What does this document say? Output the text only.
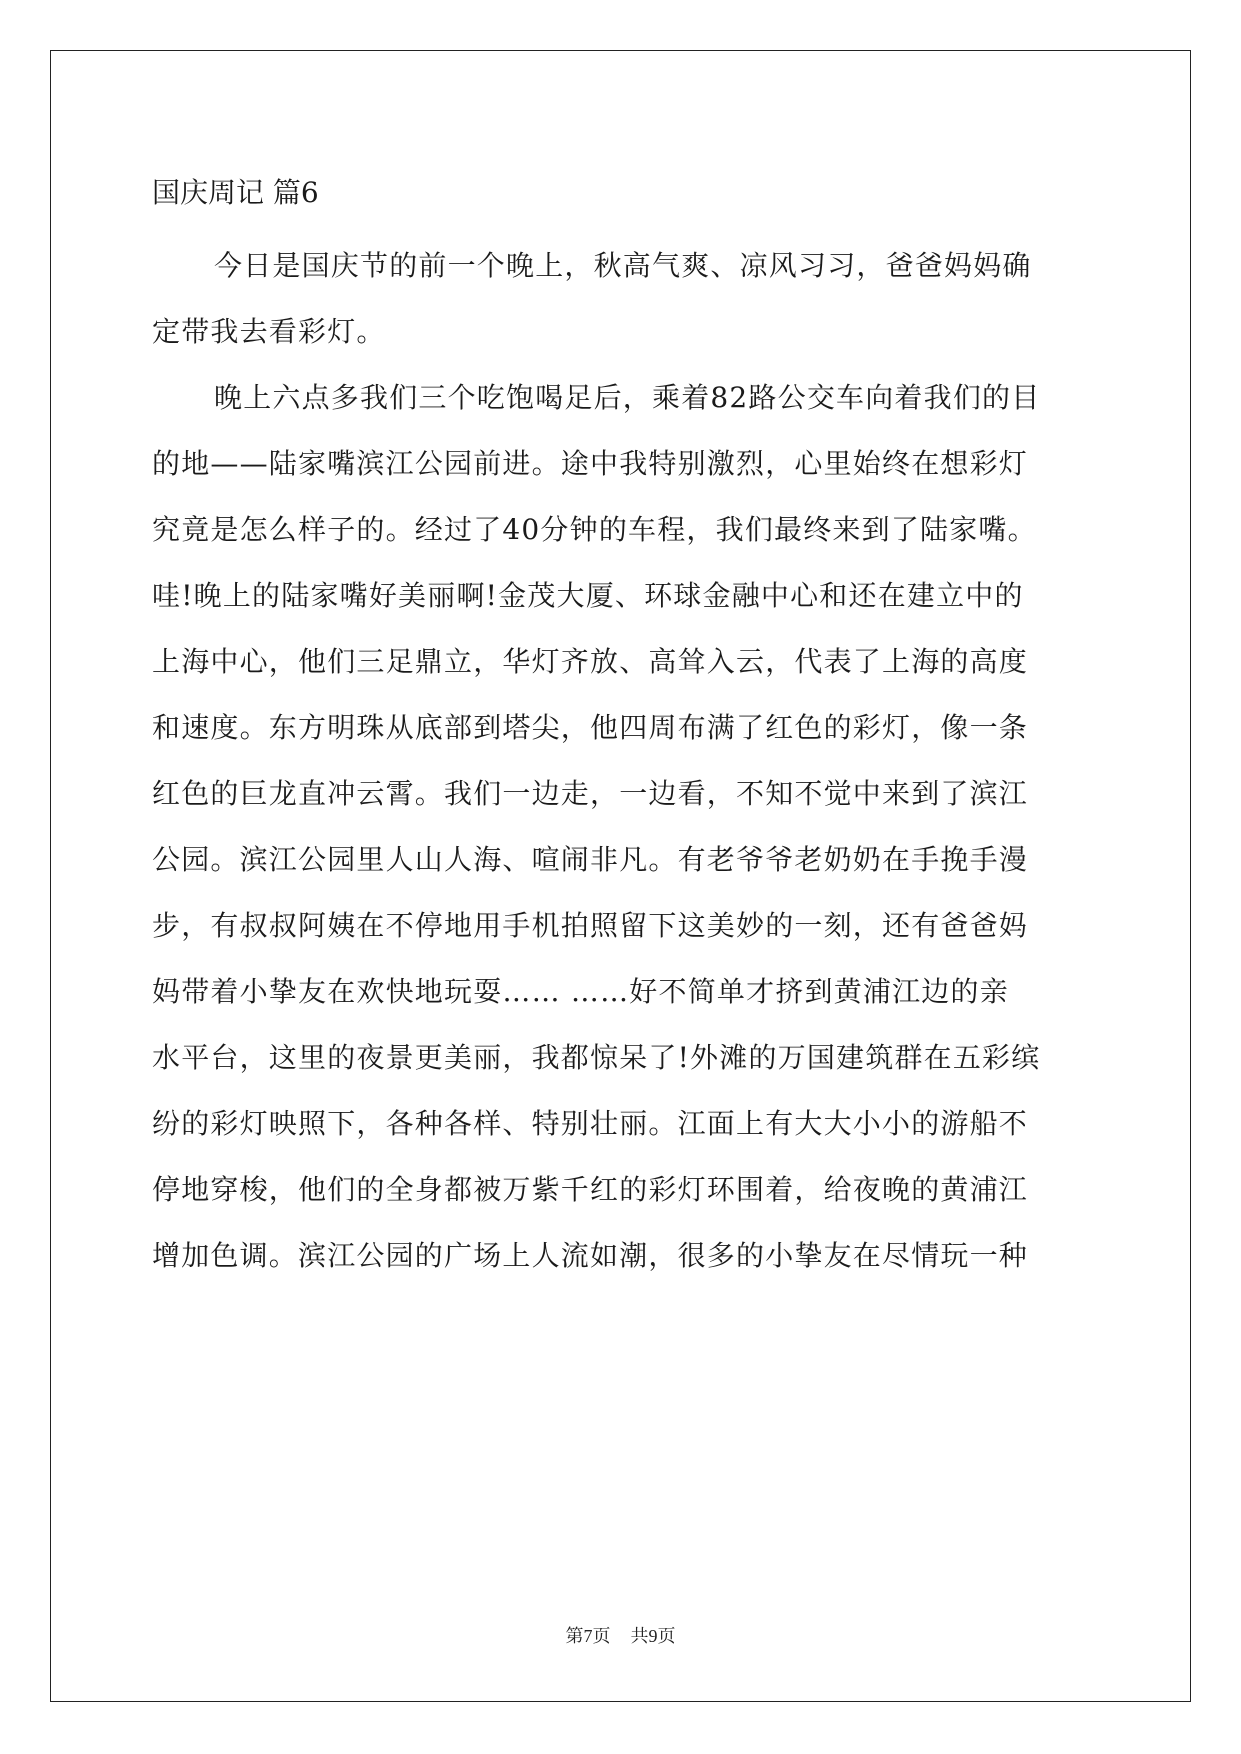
国庆周记 篇6
今日是国庆节的前一个晚上，秋高气爽、凉风习习，爸爸妈妈确
定带我去看彩灯。
晚上六点多我们三个吃饱喝足后，乘着82路公交车向着我们的目
的地——陆家嘴滨江公园前进。途中我特别激烈，心里始终在想彩灯
究竟是怎么样子的。经过了40分钟的车程，我们最终来到了陆家嘴。
哇!晚上的陆家嘴好美丽啊!金茂大厦、环球金融中心和还在建立中的
上海中心，他们三足鼎立，华灯齐放、高耸入云，代表了上海的高度
和速度。东方明珠从底部到塔尖，他四周布满了红色的彩灯，像一条
红色的巨龙直冲云霄。我们一边走，一边看，不知不觉中来到了滨江
公园。滨江公园里人山人海、喧闹非凡。有老爷爷老奶奶在手挽手漫
步，有叔叔阿姨在不停地用手机拍照留下这美妙的一刻，还有爸爸妈
妈带着小挚友在欢快地玩耍…… ……好不简单才挤到黄浦江边的亲
水平台，这里的夜景更美丽，我都惊呆了!外滩的万国建筑群在五彩缤
纷的彩灯映照下，各种各样、特别壮丽。江面上有大大小小的游船不
停地穿梭，他们的全身都被万紫千红的彩灯环围着，给夜晚的黄浦江
增加色调。滨江公园的广场上人流如潮，很多的小挚友在尽情玩一种
第7页 共9页
